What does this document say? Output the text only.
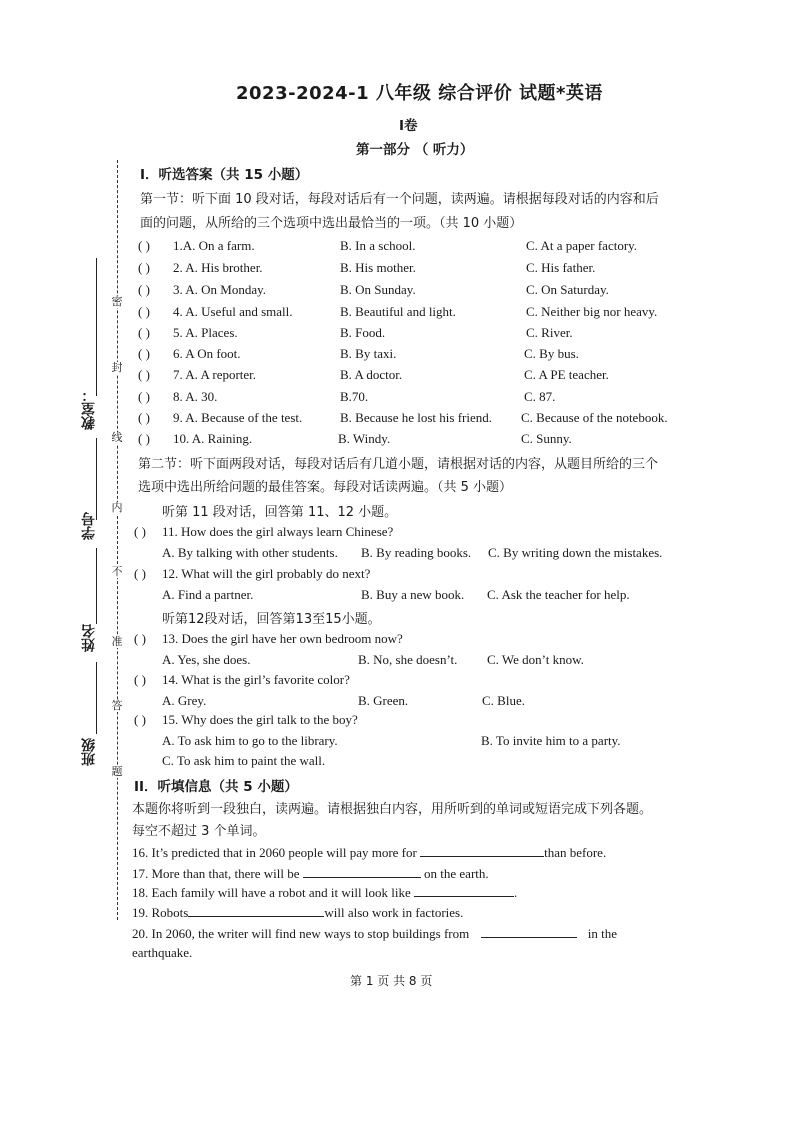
密
封
线
内
不
准
答
题
教室：
学号
姓名
班级
2023-2024-1 八年级 综合评价 试题*英语
I卷
第一部分 （ 听力）
I．听选答案（共 15 小题）
第一节：听下面 10 段对话，每段对话后有一个问题，读两遍。请根据每段对话的内容和后
面的问题，从所给的三个选项中选出最恰当的一项。（共 10 小题）
( ) 1.A. On a farm.	B. In a school.	C. At a paper factory.
( ) 2. A. His brother.	B. His mother.	C. His father.
( ) 3. A. On Monday.	B. On Sunday.	C. On Saturday.
( ) 4. A. Useful and small.	B. Beautiful and light.	C. Neither big nor heavy.
( ) 5. A. Places.	B. Food.	C. River.
( ) 6. A On foot.	B. By taxi.	C. By bus.
( ) 7. A. A reporter.	B. A doctor.	C. A PE teacher.
( ) 8. A. 30.	B.70.	C. 87.
( ) 9. A. Because of the test.	B. Because he lost his friend. C. Because of the notebook.
( ) 10. A. Raining.	B. Windy.	C. Sunny.
第二节：听下面两段对话，每段对话后有几道小题，请根据对话的内容，从题目所给的三个
选项中选出所给问题的最佳答案。每段对话读两遍。（共 5 小题）
听第 11 段对话，回答第 11、12 小题。
( ) 11. How does the girl always learn Chinese?
A. By talking with other students. B. By reading books. C. By writing down the mistakes.
( ) 12. What will the girl probably do next?
A. Find a partner.	B. Buy a new book. C. Ask the teacher for help.
听第12段对话，回答第13至15小题。
( ) 13. Does the girl have her own bedroom now?
A. Yes, she does.	B. No, she doesn’t. C. We don’t know.
( ) 14. What is the girl’s favorite color?
A. Grey.	B. Green.	C. Blue.
( ) 15. Why does the girl talk to the boy?
A. To ask him to go to the library.	B. To invite him to a party.
C. To ask him to paint the wall.
II．听填信息（共 5 小题）
本题你将听到一段独白，读两遍。请根据独白内容，用所听到的单词或短语完成下列各题。
每空不超过 3 个单词。
16. It’s predicted that in 2060 people will pay more for	than before.
17. More than that, there will be	on the earth.
18. Each family will have a robot and it will look like	.
19. Robots	will also work in factories.
20. In 2060, the writer will find new ways to stop buildings from	in the
earthquake.
第 1 页 共 8 页
